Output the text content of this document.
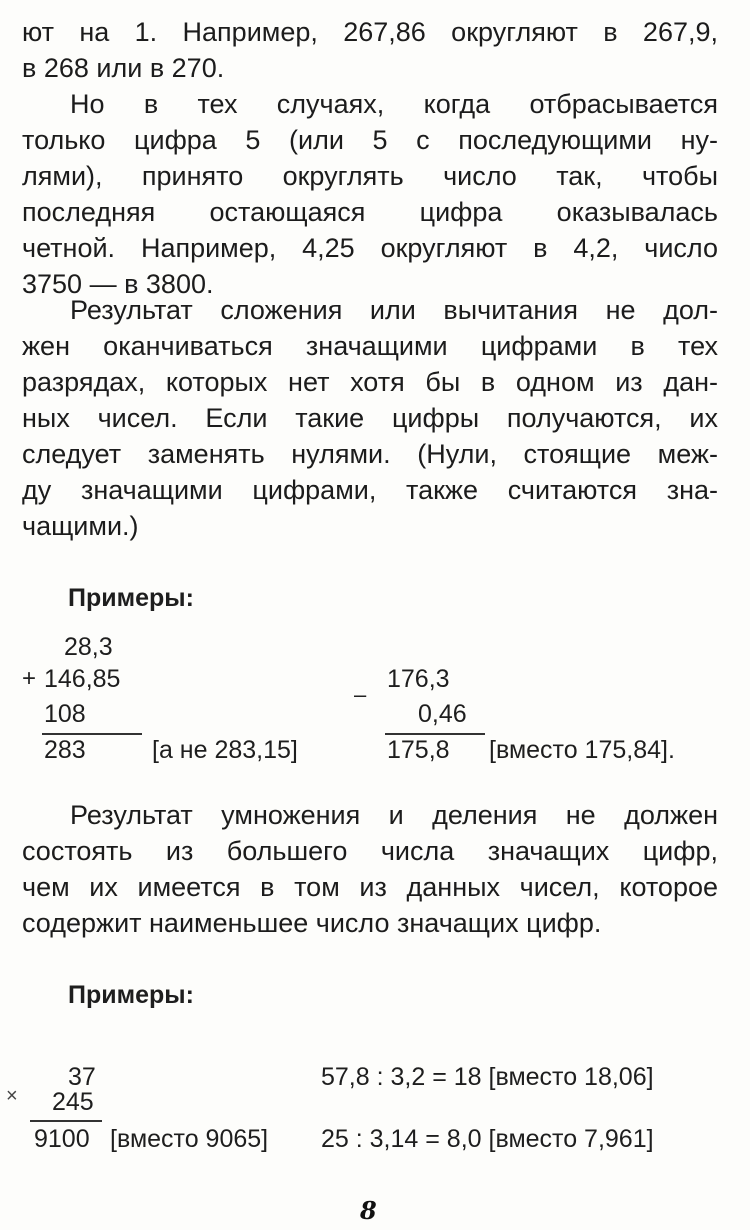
ют на 1. Например, 267,86 округляют в 267,9,
в 268 или в 270.
Но в тех случаях, когда отбрасывается
только цифра 5 (или 5 с последующими ну-
лями), принято округлять число так, чтобы
последняя остающаяся цифра оказывалась
четной. Например, 4,25 округляют в 4,2, число
3750 — в 3800.
Результат сложения или вычитания не дол-
жен оканчиваться значащими цифрами в тех
разрядах, которых нет хотя бы в одном из дан-
ных чисел. Если такие цифры получаются, их
следует заменять нулями. (Нули, стоящие меж-
ду значащими цифрами, также считаются зна-
чащими.)
Примеры:
28,3
+ 146,85
108
283	[а не 283,15]
176,3
–
0,46
175,8 [вместо 175,84].
Результат умножения и деления не должен
состоять из большего числа значащих цифр,
чем их имеется в том из данных чисел, которое
содержит наименьшее число значащих цифр.
Примеры:
37
× 245
9100 [вместо 9065]
57,8 : 3,2 = 18 [вместо 18,06]
25 : 3,14 = 8,0 [вместо 7,961]
8
